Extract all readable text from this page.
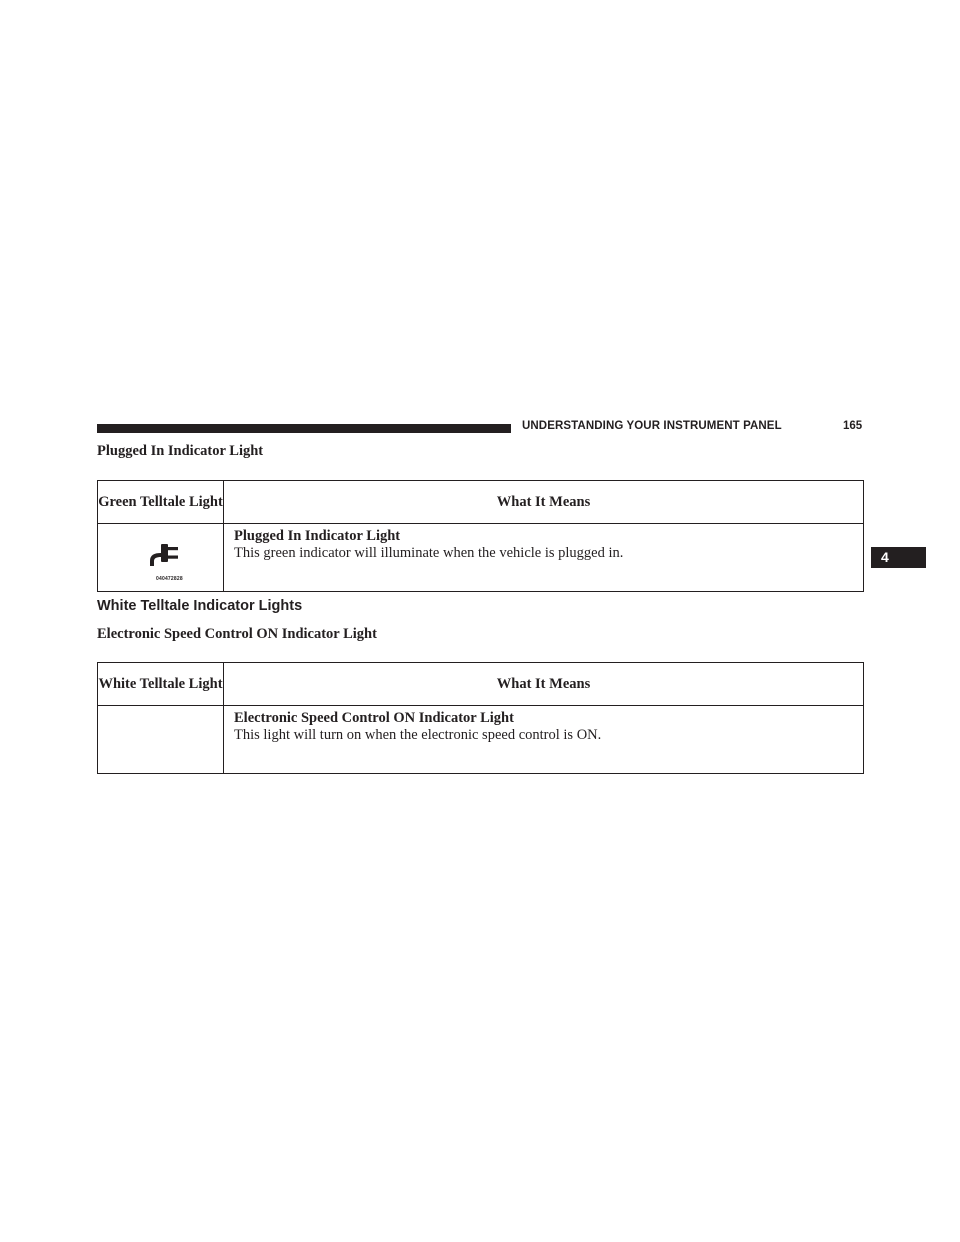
UNDERSTANDING YOUR INSTRUMENT PANEL	165
4
Plugged In Indicator Light
Green Telltale Light	What It Means

040472828	Plugged In Indicator Light
This green indicator will illuminate when the vehicle is plugged in.
White Telltale Indicator Lights
Electronic Speed Control ON Indicator Light
White Telltale Light	What It Means

	Electronic Speed Control ON Indicator Light
This light will turn on when the electronic speed control is ON.
